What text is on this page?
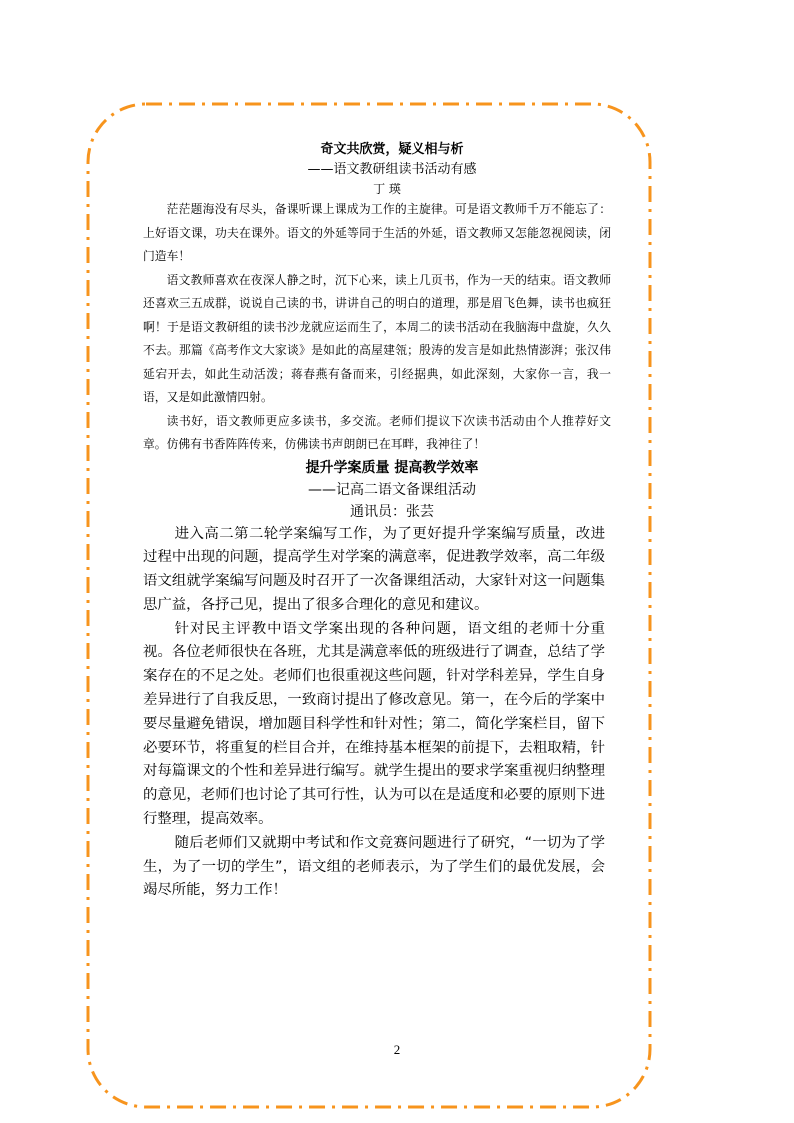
奇文共欣赏，疑义相与析
——语文教研组读书活动有感
丁 瑛

茫茫题海没有尽头，备课听课上课成为工作的主旋律。可是语文教师千万不能忘了：上好语文课，功夫在课外。语文的外延等同于生活的外延，语文教师又怎能忽视阅读，闭门造车！

语文教师喜欢在夜深人静之时，沉下心来，读上几页书，作为一天的结束。语文教师还喜欢三五成群，说说自己读的书，讲讲自己的明白的道理，那是眉飞色舞，读书也疯狂啊！于是语文教研组的读书沙龙就应运而生了，本周二的读书活动在我脑海中盘旋，久久不去。那篇《高考作文大家谈》是如此的高屋建瓴；殷涛的发言是如此热情澎湃；张汉伟延宕开去，如此生动活泼；蒋春燕有备而来，引经据典，如此深刻，大家你一言，我一语，又是如此激情四射。

读书好，语文教师更应多读书，多交流。老师们提议下次读书活动由个人推荐好文章。仿佛有书香阵阵传来，仿佛读书声朗朗已在耳畔，我神往了！

提升学案质量 提高教学效率
——记高二语文备课组活动
通讯员：张芸

进入高二第二轮学案编写工作，为了更好提升学案编写质量，改进过程中出现的问题，提高学生对学案的满意率，促进教学效率，高二年级语文组就学案编写问题及时召开了一次备课组活动，大家针对这一问题集思广益，各抒己见，提出了很多合理化的意见和建议。

针对民主评教中语文学案出现的各种问题，语文组的老师十分重视。各位老师很快在各班，尤其是满意率低的班级进行了调查，总结了学案存在的不足之处。老师们也很重视这些问题，针对学科差异，学生自身差异进行了自我反思，一致商讨提出了修改意见。第一，在今后的学案中要尽量避免错误，增加题目科学性和针对性；第二，简化学案栏目，留下必要环节，将重复的栏目合并，在维持基本框架的前提下，去粗取精，针对每篇课文的个性和差异进行编写。就学生提出的要求学案重视归纳整理的意见，老师们也讨论了其可行性，认为可以在是适度和必要的原则下进行整理，提高效率。

随后老师们又就期中考试和作文竞赛问题进行了研究，“一切为了学生，为了一切的学生”，语文组的老师表示，为了学生们的最优发展，会竭尽所能，努力工作！

2
